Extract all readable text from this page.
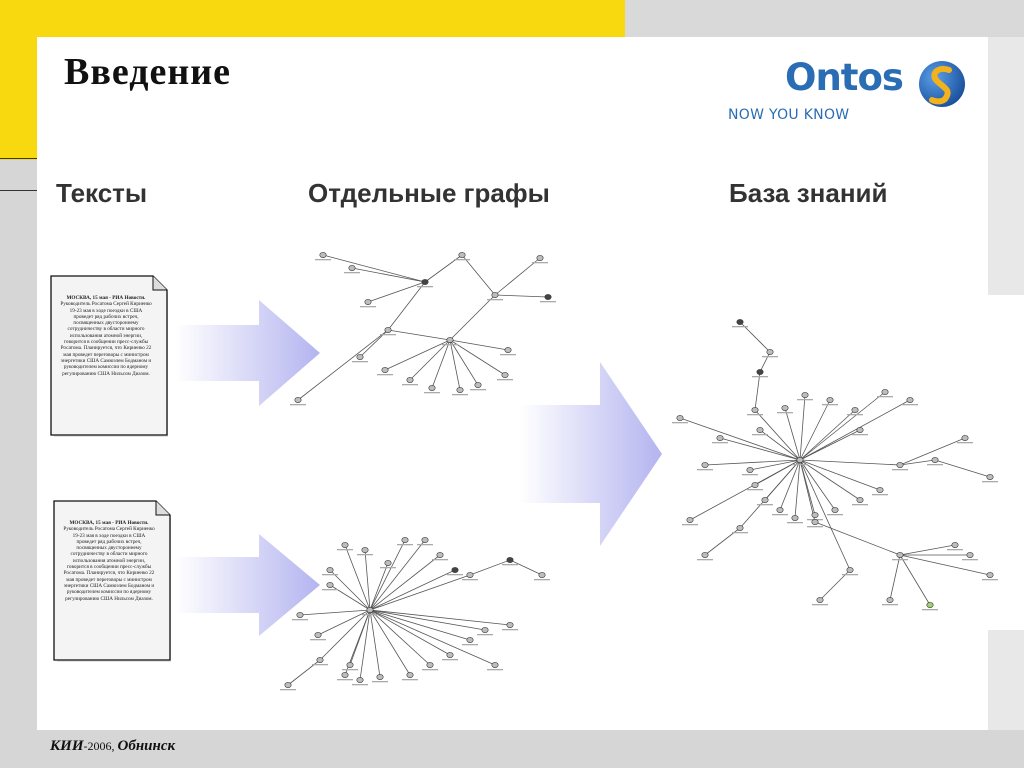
Введение	Ontos
NOW YOU KNOW
Тексты	Отдельные графы	База знаний
МОСКВА, 15 мая - РИА Новости. Руководитель Росатома Сергей Кириенко 19-23 мая в ходе поездки в США проведет ряд рабочих встреч, посвященных двустороннему сотрудничеству в области мирного использования атомной энергии, говорится в сообщении пресс-службы Росатома. Планируется, что Кириенко 22 мая проведет переговоры с министром энергетики США Самюэлем Бодманом и руководителем комиссии по ядерному регулированию США Нильсом Диазом.
МОСКВА, 15 мая - РИА Новости. Руководитель Росатома Сергей Кириенко 19-23 мая в ходе поездки в США проведет ряд рабочих встреч, посвященных двустороннему сотрудничеству в области мирного использования атомной энергии, говорится в сообщении пресс-службы Росатома. Планируется, что Кириенко 22 мая проведет переговоры с министром энергетики США Самюэлем Бодманом и руководителем комиссии по ядерному регулированию США Нильсом Диазом.
КИИ-2006, Обнинск
